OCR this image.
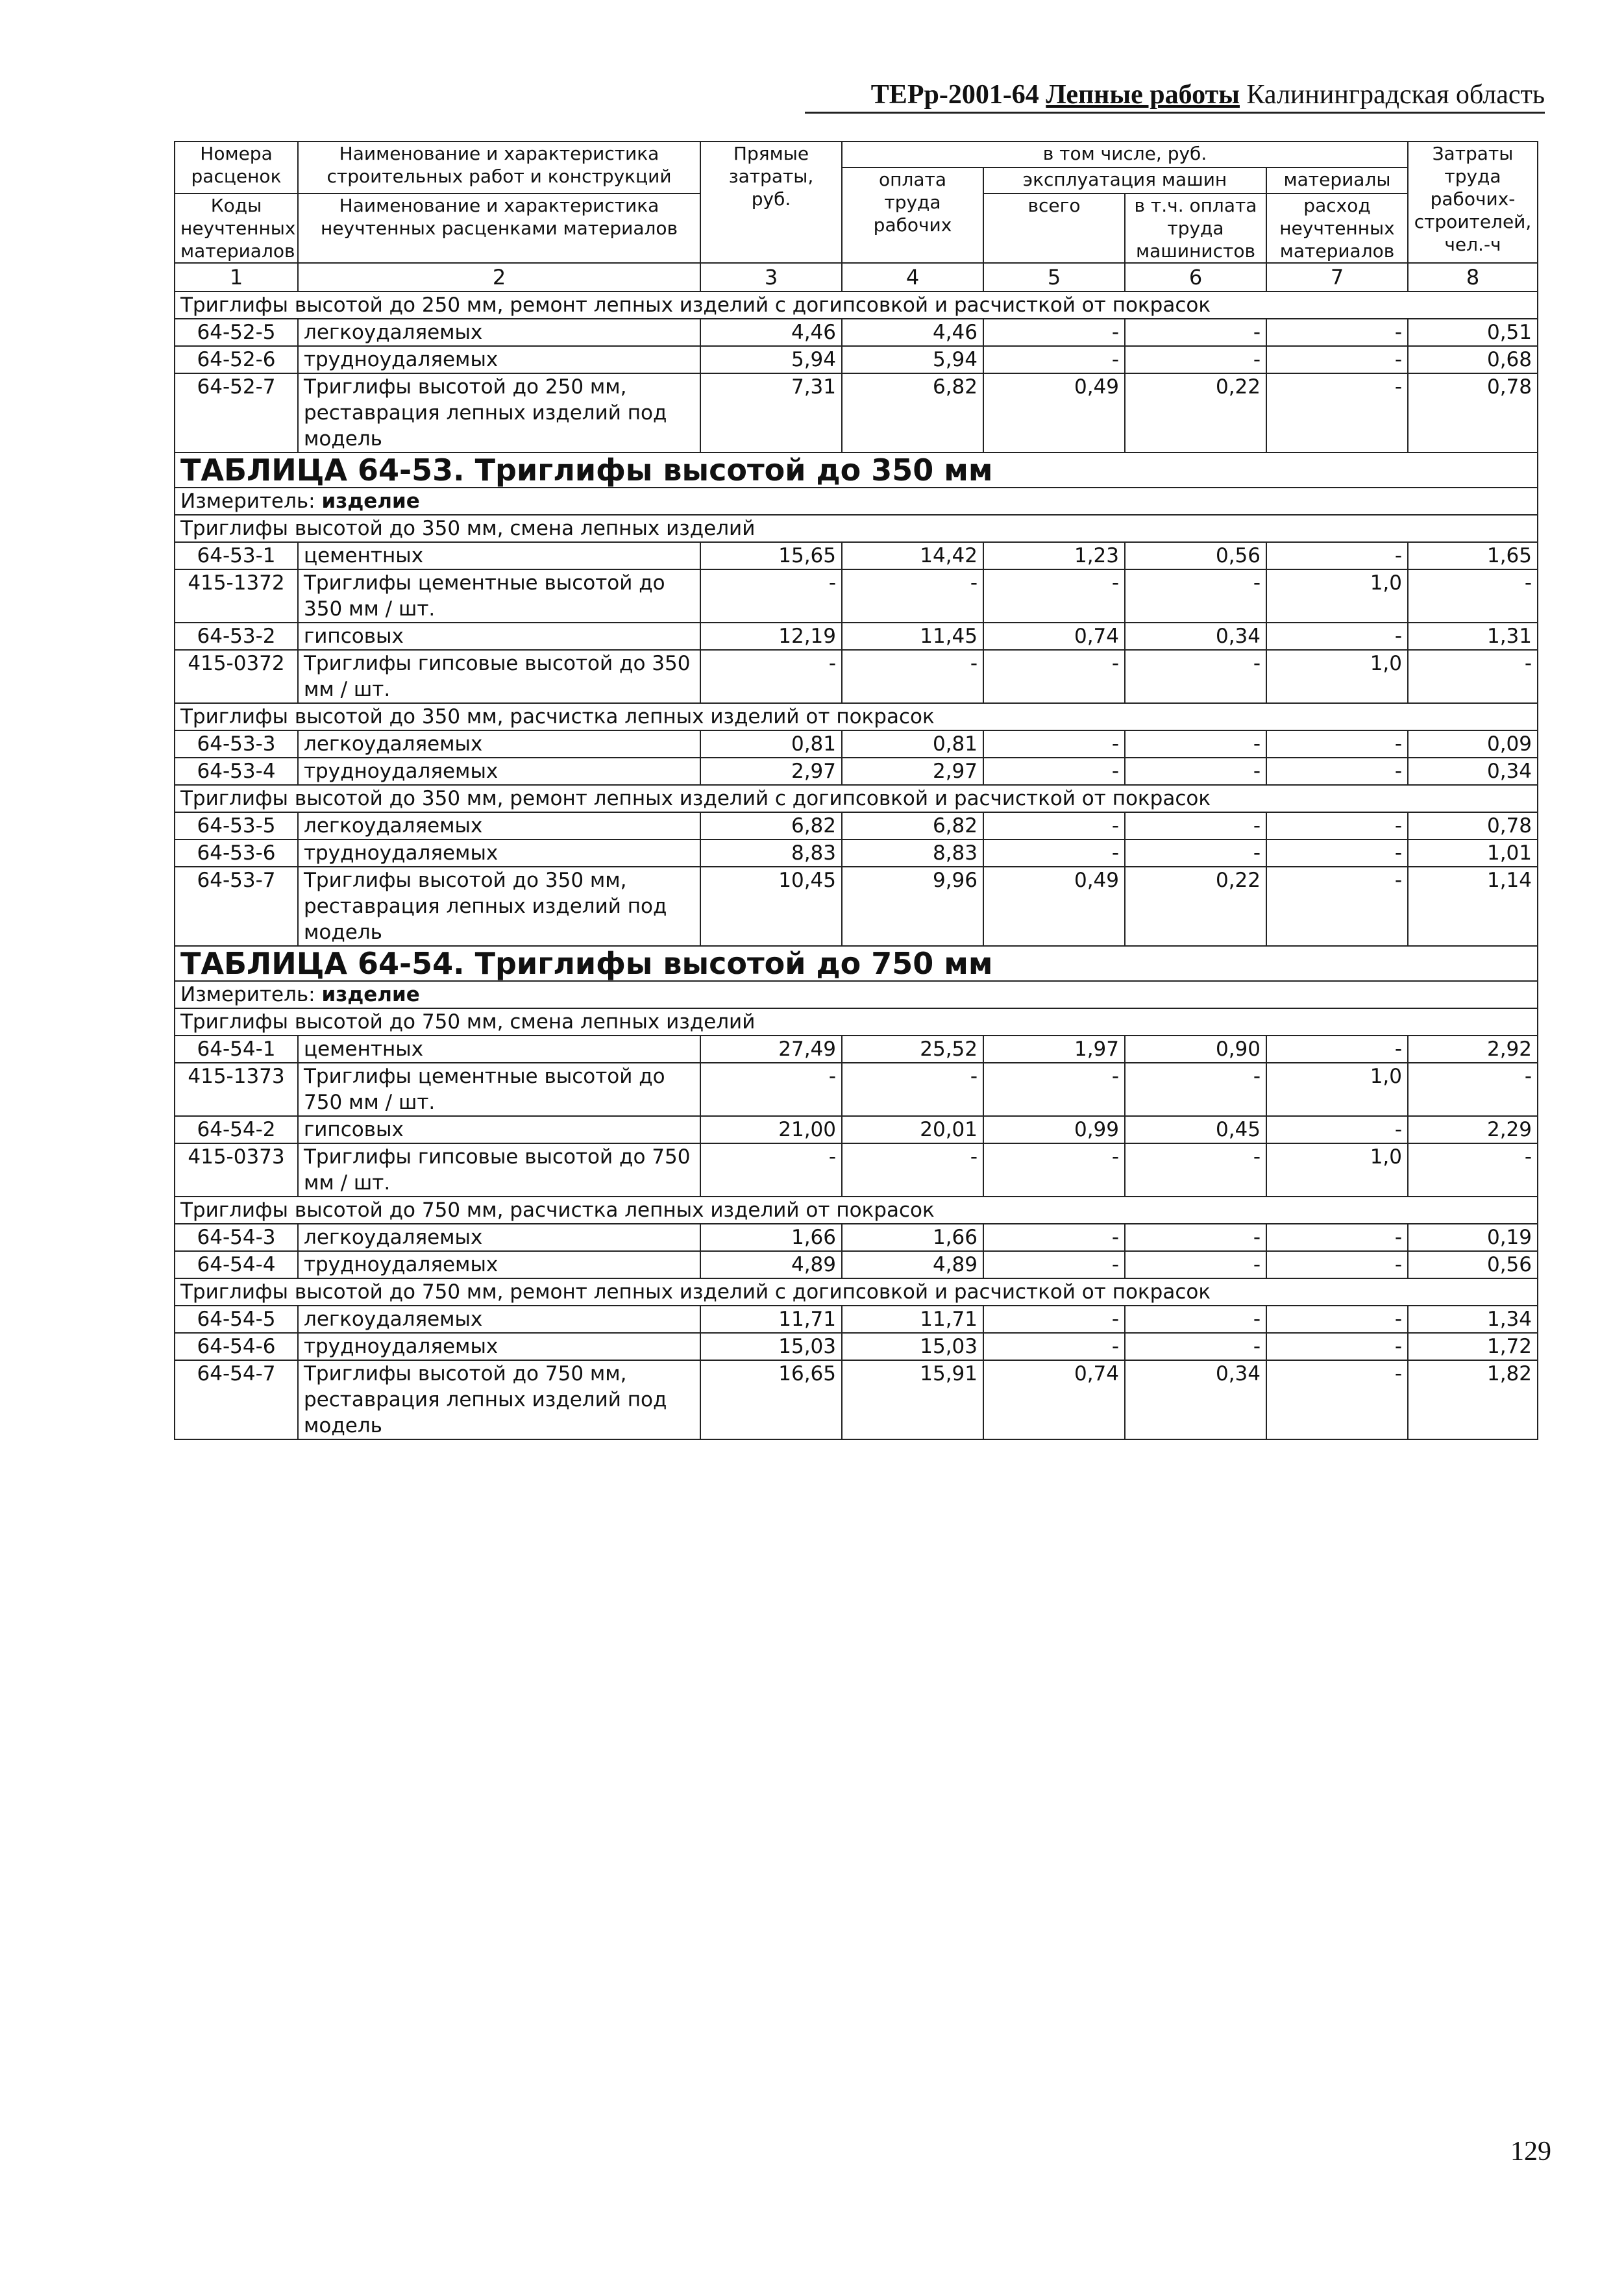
ТЕРр-2001-64 Лепные работы Калининградская область
Номера расценок	Наименование и характеристика строительных работ и конструкций	Прямые затраты, руб.	в том числе, руб.				Затраты труда рабочих-строителей, чел.-ч
			оплата труда рабочих	эксплуатация машин		материалы	
Коды неучтенных материалов	Наименование и характеристика неучтенных расценками материалов			всего	в т.ч. оплата труда машинистов	расход неучтенных материалов	

1	2	3	4	5	6	7	8
Триглифы высотой до 250 мм, ремонт лепных изделий с догипсовкой и расчисткой от покрасок							
64-52-5	легкоудаляемых	4,46	4,46	-	-	-	0,51
64-52-6	трудноудаляемых	5,94	5,94	-	-	-	0,68
64-52-7	Триглифы высотой до 250 мм, реставрация лепных изделий под модель	7,31	6,82	0,49	0,22	-	0,78
ТАБЛИЦА 64-53. Триглифы высотой до 350 мм							
Измеритель: изделие							
Триглифы высотой до 350 мм, смена лепных изделий							
64-53-1	цементных	15,65	14,42	1,23	0,56	-	1,65
415-1372	Триглифы цементные высотой до 350 мм / шт.	-	-	-	-	1,0	-
64-53-2	гипсовых	12,19	11,45	0,74	0,34	-	1,31
415-0372	Триглифы гипсовые высотой до 350 мм / шт.	-	-	-	-	1,0	-
Триглифы высотой до 350 мм, расчистка лепных изделий от покрасок							
64-53-3	легкоудаляемых	0,81	0,81	-	-	-	0,09
64-53-4	трудноудаляемых	2,97	2,97	-	-	-	0,34
Триглифы высотой до 350 мм, ремонт лепных изделий с догипсовкой и расчисткой от покрасок							
64-53-5	легкоудаляемых	6,82	6,82	-	-	-	0,78
64-53-6	трудноудаляемых	8,83	8,83	-	-	-	1,01
64-53-7	Триглифы высотой до 350 мм, реставрация лепных изделий под модель	10,45	9,96	0,49	0,22	-	1,14
ТАБЛИЦА 64-54. Триглифы высотой до 750 мм							
Измеритель: изделие							
Триглифы высотой до 750 мм, смена лепных изделий							
64-54-1	цементных	27,49	25,52	1,97	0,90	-	2,92
415-1373	Триглифы цементные высотой до 750 мм / шт.	-	-	-	-	1,0	-
64-54-2	гипсовых	21,00	20,01	0,99	0,45	-	2,29
415-0373	Триглифы гипсовые высотой до 750 мм / шт.	-	-	-	-	1,0	-
Триглифы высотой до 750 мм, расчистка лепных изделий от покрасок							
64-54-3	легкоудаляемых	1,66	1,66	-	-	-	0,19
64-54-4	трудноудаляемых	4,89	4,89	-	-	-	0,56
Триглифы высотой до 750 мм, ремонт лепных изделий с догипсовкой и расчисткой от покрасок							
64-54-5	легкоудаляемых	11,71	11,71	-	-	-	1,34
64-54-6	трудноудаляемых	15,03	15,03	-	-	-	1,72
64-54-7	Триглифы высотой до 750 мм, реставрация лепных изделий под модель	16,65	15,91	0,74	0,34	-	1,82
129
